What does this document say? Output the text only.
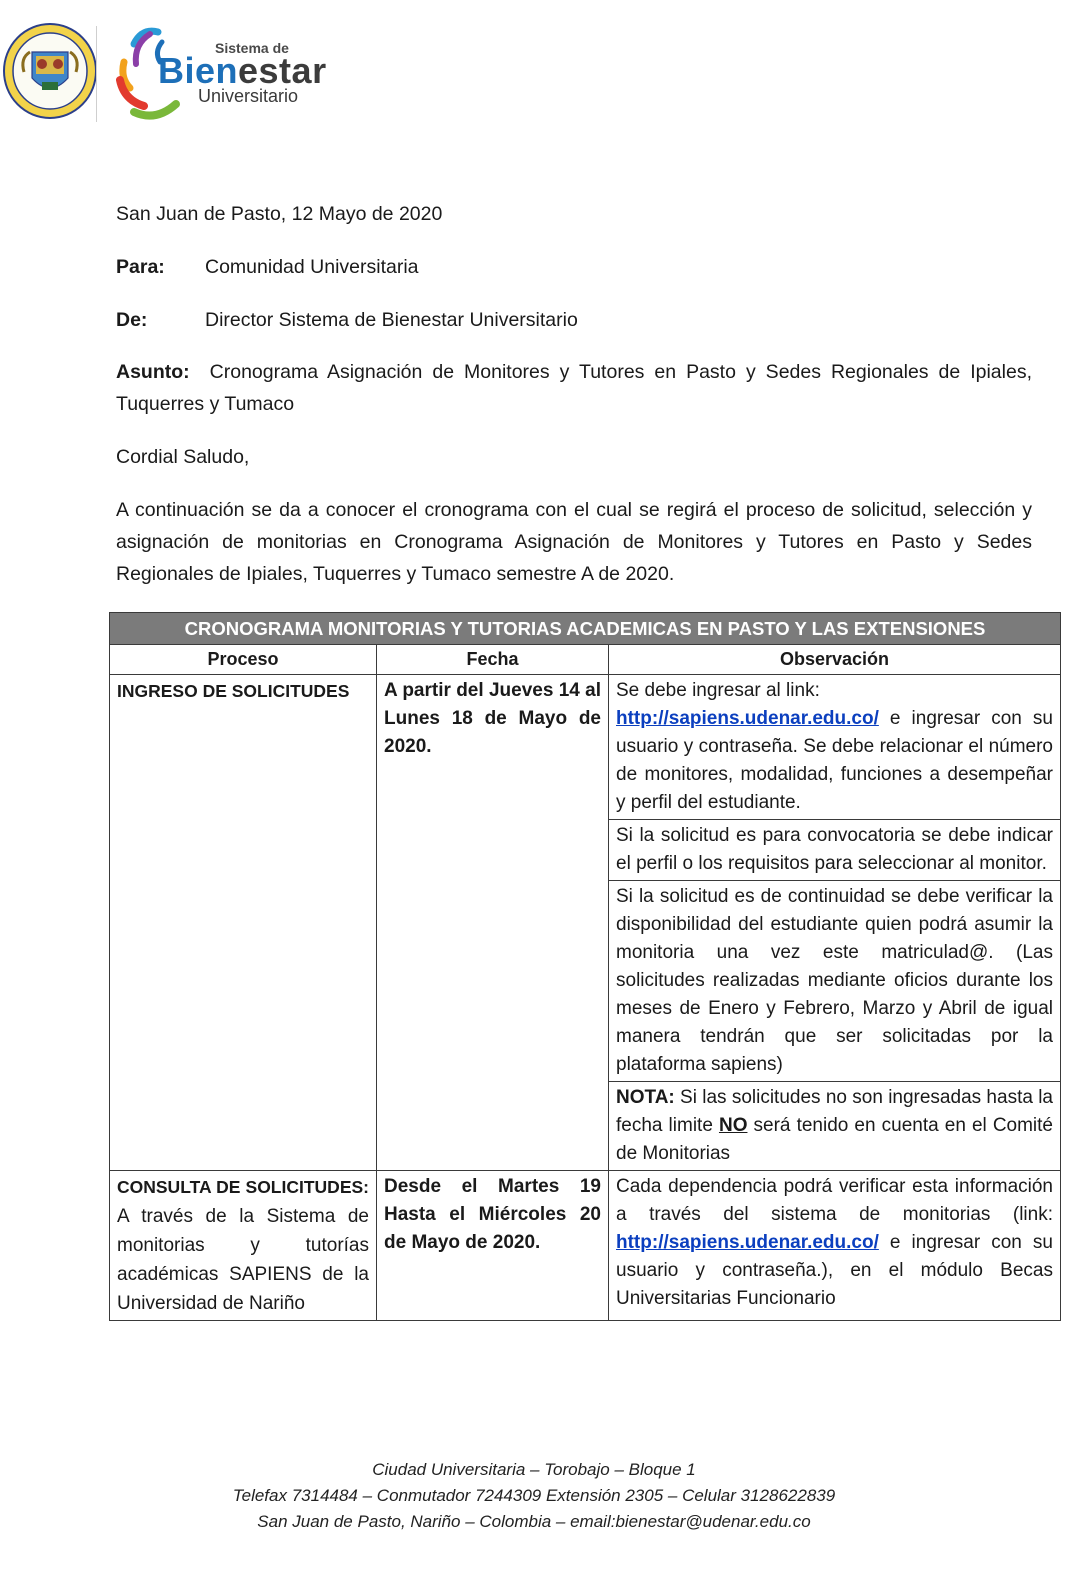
Sistema de
Bienestar
Universitario
San Juan de Pasto, 12 Mayo de 2020
Para: Comunidad Universitaria
De:	Director Sistema de Bienestar Universitario
Asunto: Cronograma Asignación de Monitores y Tutores en Pasto y Sedes Regionales de Ipiales, Tuquerres y Tumaco
Cordial Saludo,
A continuación se da a conocer el cronograma con el cual se regirá el proceso de solicitud, selección y asignación de monitorias en Cronograma Asignación de Monitores y Tutores en Pasto y Sedes Regionales de Ipiales, Tuquerres y Tumaco semestre A de 2020.
CRONOGRAMA MONITORIAS Y TUTORIAS ACADEMICAS EN PASTO Y LAS EXTENSIONES		
Proceso	Fecha	Observación
INGRESO DE SOLICITUDES	A partir del Jueves 14 al Lunes 18 de Mayo de 2020.	Se debe ingresar al link:
http://sapiens.udenar.edu.co/ e ingresar con su usuario y contraseña. Se debe relacionar el número de monitores, modalidad, funciones a desempeñar y perfil del estudiante.
		Si la solicitud es para convocatoria se debe indicar el perfil o los requisitos para seleccionar al monitor.
		Si la solicitud es de continuidad se debe verificar la disponibilidad del estudiante quien podrá asumir la monitoria una vez este matriculad@. (Las solicitudes realizadas mediante oficios durante los meses de Enero y Febrero, Marzo y Abril de igual manera tendrán que ser solicitadas por la plataforma sapiens)
		NOTA: Si las solicitudes no son ingresadas hasta la fecha limite NO será tenido en cuenta en el Comité de Monitorias
CONSULTA DE SOLICITUDES: A través de la Sistema de monitorias y tutorías académicas SAPIENS de la Universidad de Nariño	Desde el Martes 19 Hasta el Miércoles 20 de Mayo de 2020.	Cada dependencia podrá verificar esta información a través del sistema de monitorias (link: http://sapiens.udenar.edu.co/ e ingresar con su usuario y contraseña.), en el módulo Becas Universitarias Funcionario
Ciudad Universitaria – Torobajo – Bloque 1
Telefax 7314484 – Conmutador 7244309 Extensión 2305 – Celular 3128622839
San Juan de Pasto, Nariño – Colombia – email:bienestar@udenar.edu.co
